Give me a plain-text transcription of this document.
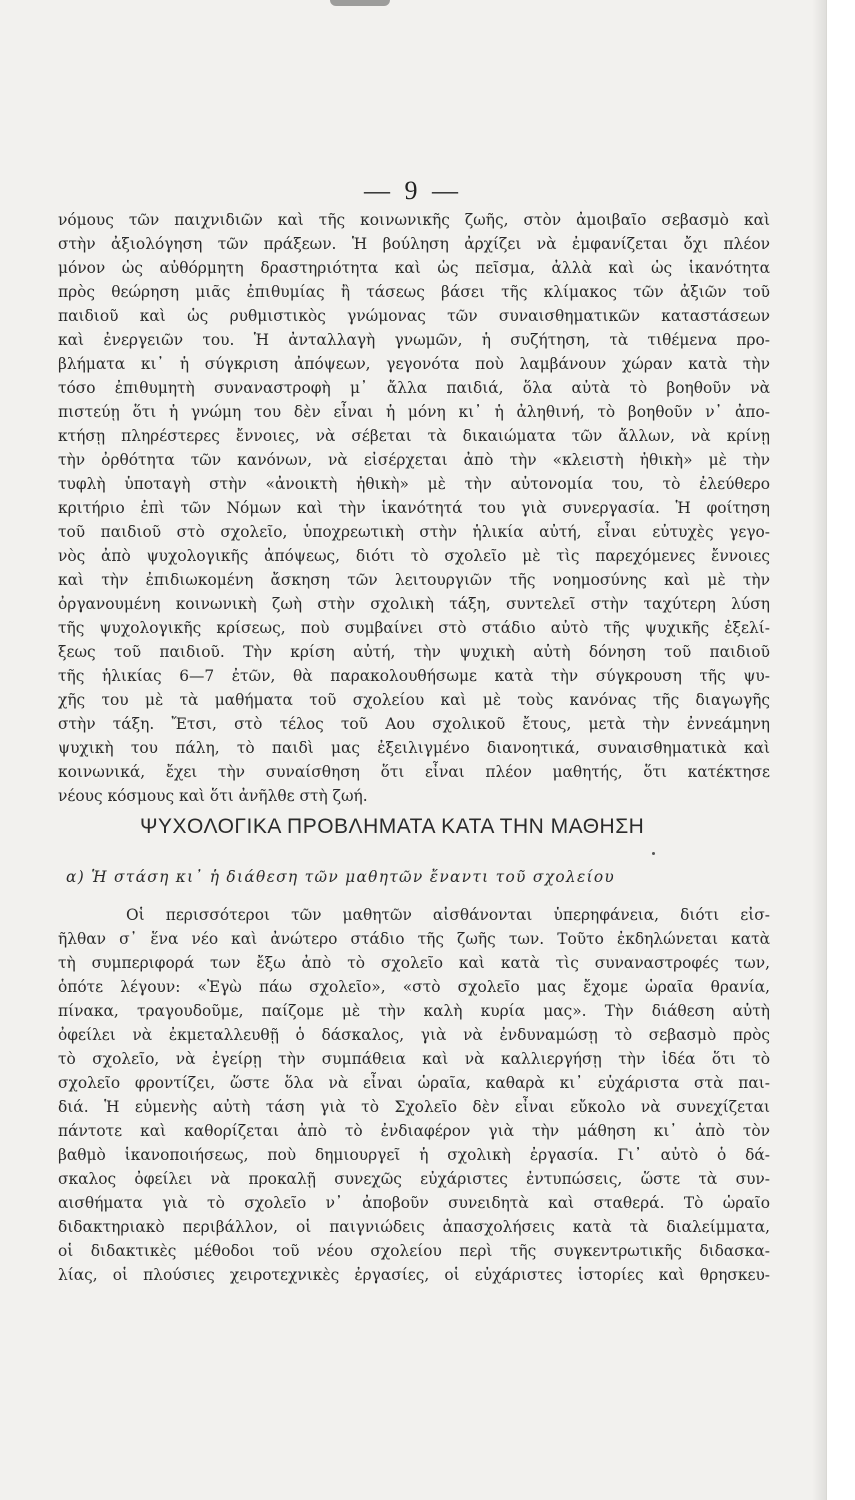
— 9 —
νόμους τῶν παιχνιδιῶν καὶ τῆς κοινωνικῆς ζωῆς, στὸν ἀμοιβαῖο σεβασμὸ καὶ
στὴν ἀξιολόγηση τῶν πράξεων. Ἡ βούληση ἀρχίζει νὰ ἐμφανίζεται ὄχι πλέον
μόνον ὡς αὐθόρμητη δραστηριότητα καὶ ὡς πεῖσμα, ἀλλὰ καὶ ὡς ἱκανότητα
πρὸς θεώρηση μιᾶς ἐπιθυμίας ἢ τάσεως βάσει τῆς κλίμακος τῶν ἀξιῶν τοῦ
παιδιοῦ καὶ ὡς ρυθμιστικὸς γνώμονας τῶν συναισθηματικῶν καταστάσεων
καὶ ἐνεργειῶν του. Ἡ ἀνταλλαγὴ γνωμῶν, ἡ συζήτηση, τὰ τιθέμενα προ-
βλήματα κι᾽ ἡ σύγκριση ἀπόψεων, γεγονότα ποὺ λαμβάνουν χώραν κατὰ τὴν
τόσο ἐπιθυμητὴ συναναστροφὴ μ᾽ ἄλλα παιδιά, ὅλα αὐτὰ τὸ βοηθοῦν νὰ
πιστεύῃ ὅτι ἡ γνώμη του δὲν εἶναι ἡ μόνη κι᾽ ἡ ἀληθινή, τὸ βοηθοῦν ν᾽ ἀπο-
κτήσῃ πληρέστερες ἔννοιες, νὰ σέβεται τὰ δικαιώματα τῶν ἄλλων, νὰ κρίνῃ
τὴν ὀρθότητα τῶν κανόνων, νὰ εἰσέρχεται ἀπὸ τὴν «κλειστὴ ἠθικὴ» μὲ τὴν
τυφλὴ ὑποταγὴ στὴν «ἀνοικτὴ ἠθικὴ» μὲ τὴν αὐτονομία του, τὸ ἐλεύθερο
κριτήριο ἐπὶ τῶν Νόμων καὶ τὴν ἱκανότητά του γιὰ συνεργασία. Ἡ φοίτηση
τοῦ παιδιοῦ στὸ σχολεῖο, ὑποχρεωτικὴ στὴν ἡλικία αὐτή, εἶναι εὐτυχὲς γεγο-
νὸς ἀπὸ ψυχολογικῆς ἀπόψεως, διότι τὸ σχολεῖο μὲ τὶς παρεχόμενες ἔννοιες
καὶ τὴν ἐπιδιωκομένη ἄσκηση τῶν λειτουργιῶν τῆς νοημοσύνης καὶ μὲ τὴν
ὀργανουμένη κοινωνικὴ ζωὴ στὴν σχολικὴ τάξη, συντελεῖ στὴν ταχύτερη λύση
τῆς ψυχολογικῆς κρίσεως, ποὺ συμβαίνει στὸ στάδιο αὐτὸ τῆς ψυχικῆς ἐξελί-
ξεως τοῦ παιδιοῦ. Τὴν κρίση αὐτή, τὴν ψυχικὴ αὐτὴ δόνηση τοῦ παιδιοῦ
τῆς ἡλικίας 6—7 ἐτῶν, θὰ παρακολουθήσωμε κατὰ τὴν σύγκρουση τῆς ψυ-
χῆς του μὲ τὰ μαθήματα τοῦ σχολείου καὶ μὲ τοὺς κανόνας τῆς διαγωγῆς
στὴν τάξη. Ἔτσι, στὸ τέλος τοῦ Αου σχολικοῦ ἔτους, μετὰ τὴν ἐννεάμηνη
ψυχικὴ του πάλη, τὸ παιδὶ μας ἐξειλιγμένο διανοητικά, συναισθηματικὰ καὶ
κοινωνικά, ἔχει τὴν συναίσθηση ὅτι εἶναι πλέον μαθητής, ὅτι κατέκτησε
νέους κόσμους καὶ ὅτι ἀνῆλθε στὴ ζωή.
ΨΥΧΟΛΟΓΙΚΑ ΠΡΟΒΛΗΜΑΤΑ ΚΑΤΑ ΤΗΝ ΜΑΘΗΣΗ
α) Ἡ στάση κι᾽ ἡ διάθεση τῶν μαθητῶν ἔναντι τοῦ σχολείου
Οἱ περισσότεροι τῶν μαθητῶν αἰσθάνονται ὑπερηφάνεια, διότι εἰσ-
ῆλθαν σ᾽ ἕνα νέο καὶ ἀνώτερο στάδιο τῆς ζωῆς των. Τοῦτο ἐκδηλώνεται κατὰ
τὴ συμπεριφορά των ἔξω ἀπὸ τὸ σχολεῖο καὶ κατὰ τὶς συναναστροφές των,
ὁπότε λέγουν: «Ἐγὼ πάω σχολεῖο», «στὸ σχολεῖο μας ἔχομε ὡραῖα θρανία,
πίνακα, τραγουδοῦμε, παίζομε μὲ τὴν καλὴ κυρία μας». Τὴν διάθεση αὐτὴ
ὀφείλει νὰ ἐκμεταλλευθῇ ὁ δάσκαλος, γιὰ νὰ ἐνδυναμώσῃ τὸ σεβασμὸ πρὸς
τὸ σχολεῖο, νὰ ἐγείρῃ τὴν συμπάθεια καὶ νὰ καλλιεργήσῃ τὴν ἰδέα ὅτι τὸ
σχολεῖο φροντίζει, ὥστε ὅλα νὰ εἶναι ὡραῖα, καθαρὰ κι᾽ εὐχάριστα στὰ παι-
διά. Ἡ εὐμενὴς αὐτὴ τάση γιὰ τὸ Σχολεῖο δὲν εἶναι εὔκολο νὰ συνεχίζεται
πάντοτε καὶ καθορίζεται ἀπὸ τὸ ἐνδιαφέρον γιὰ τὴν μάθηση κι᾽ ἀπὸ τὸν
βαθμὸ ἱκανοποιήσεως, ποὺ δημιουργεῖ ἡ σχολικὴ ἐργασία. Γι᾽ αὐτὸ ὁ δά-
σκαλος ὀφείλει νὰ προκαλῇ συνεχῶς εὐχάριστες ἐντυπώσεις, ὥστε τὰ συν-
αισθήματα γιὰ τὸ σχολεῖο ν᾽ ἀποβοῦν συνειδητὰ καὶ σταθερά. Τὸ ὡραῖο
διδακτηριακὸ περιβάλλον, οἱ παιγνιώδεις ἀπασχολήσεις κατὰ τὰ διαλείμματα,
οἱ διδακτικὲς μέθοδοι τοῦ νέου σχολείου περὶ τῆς συγκεντρωτικῆς διδασκα-
λίας, οἱ πλούσιες χειροτεχνικὲς ἐργασίες, οἱ εὐχάριστες ἱστορίες καὶ θρησκευ-
